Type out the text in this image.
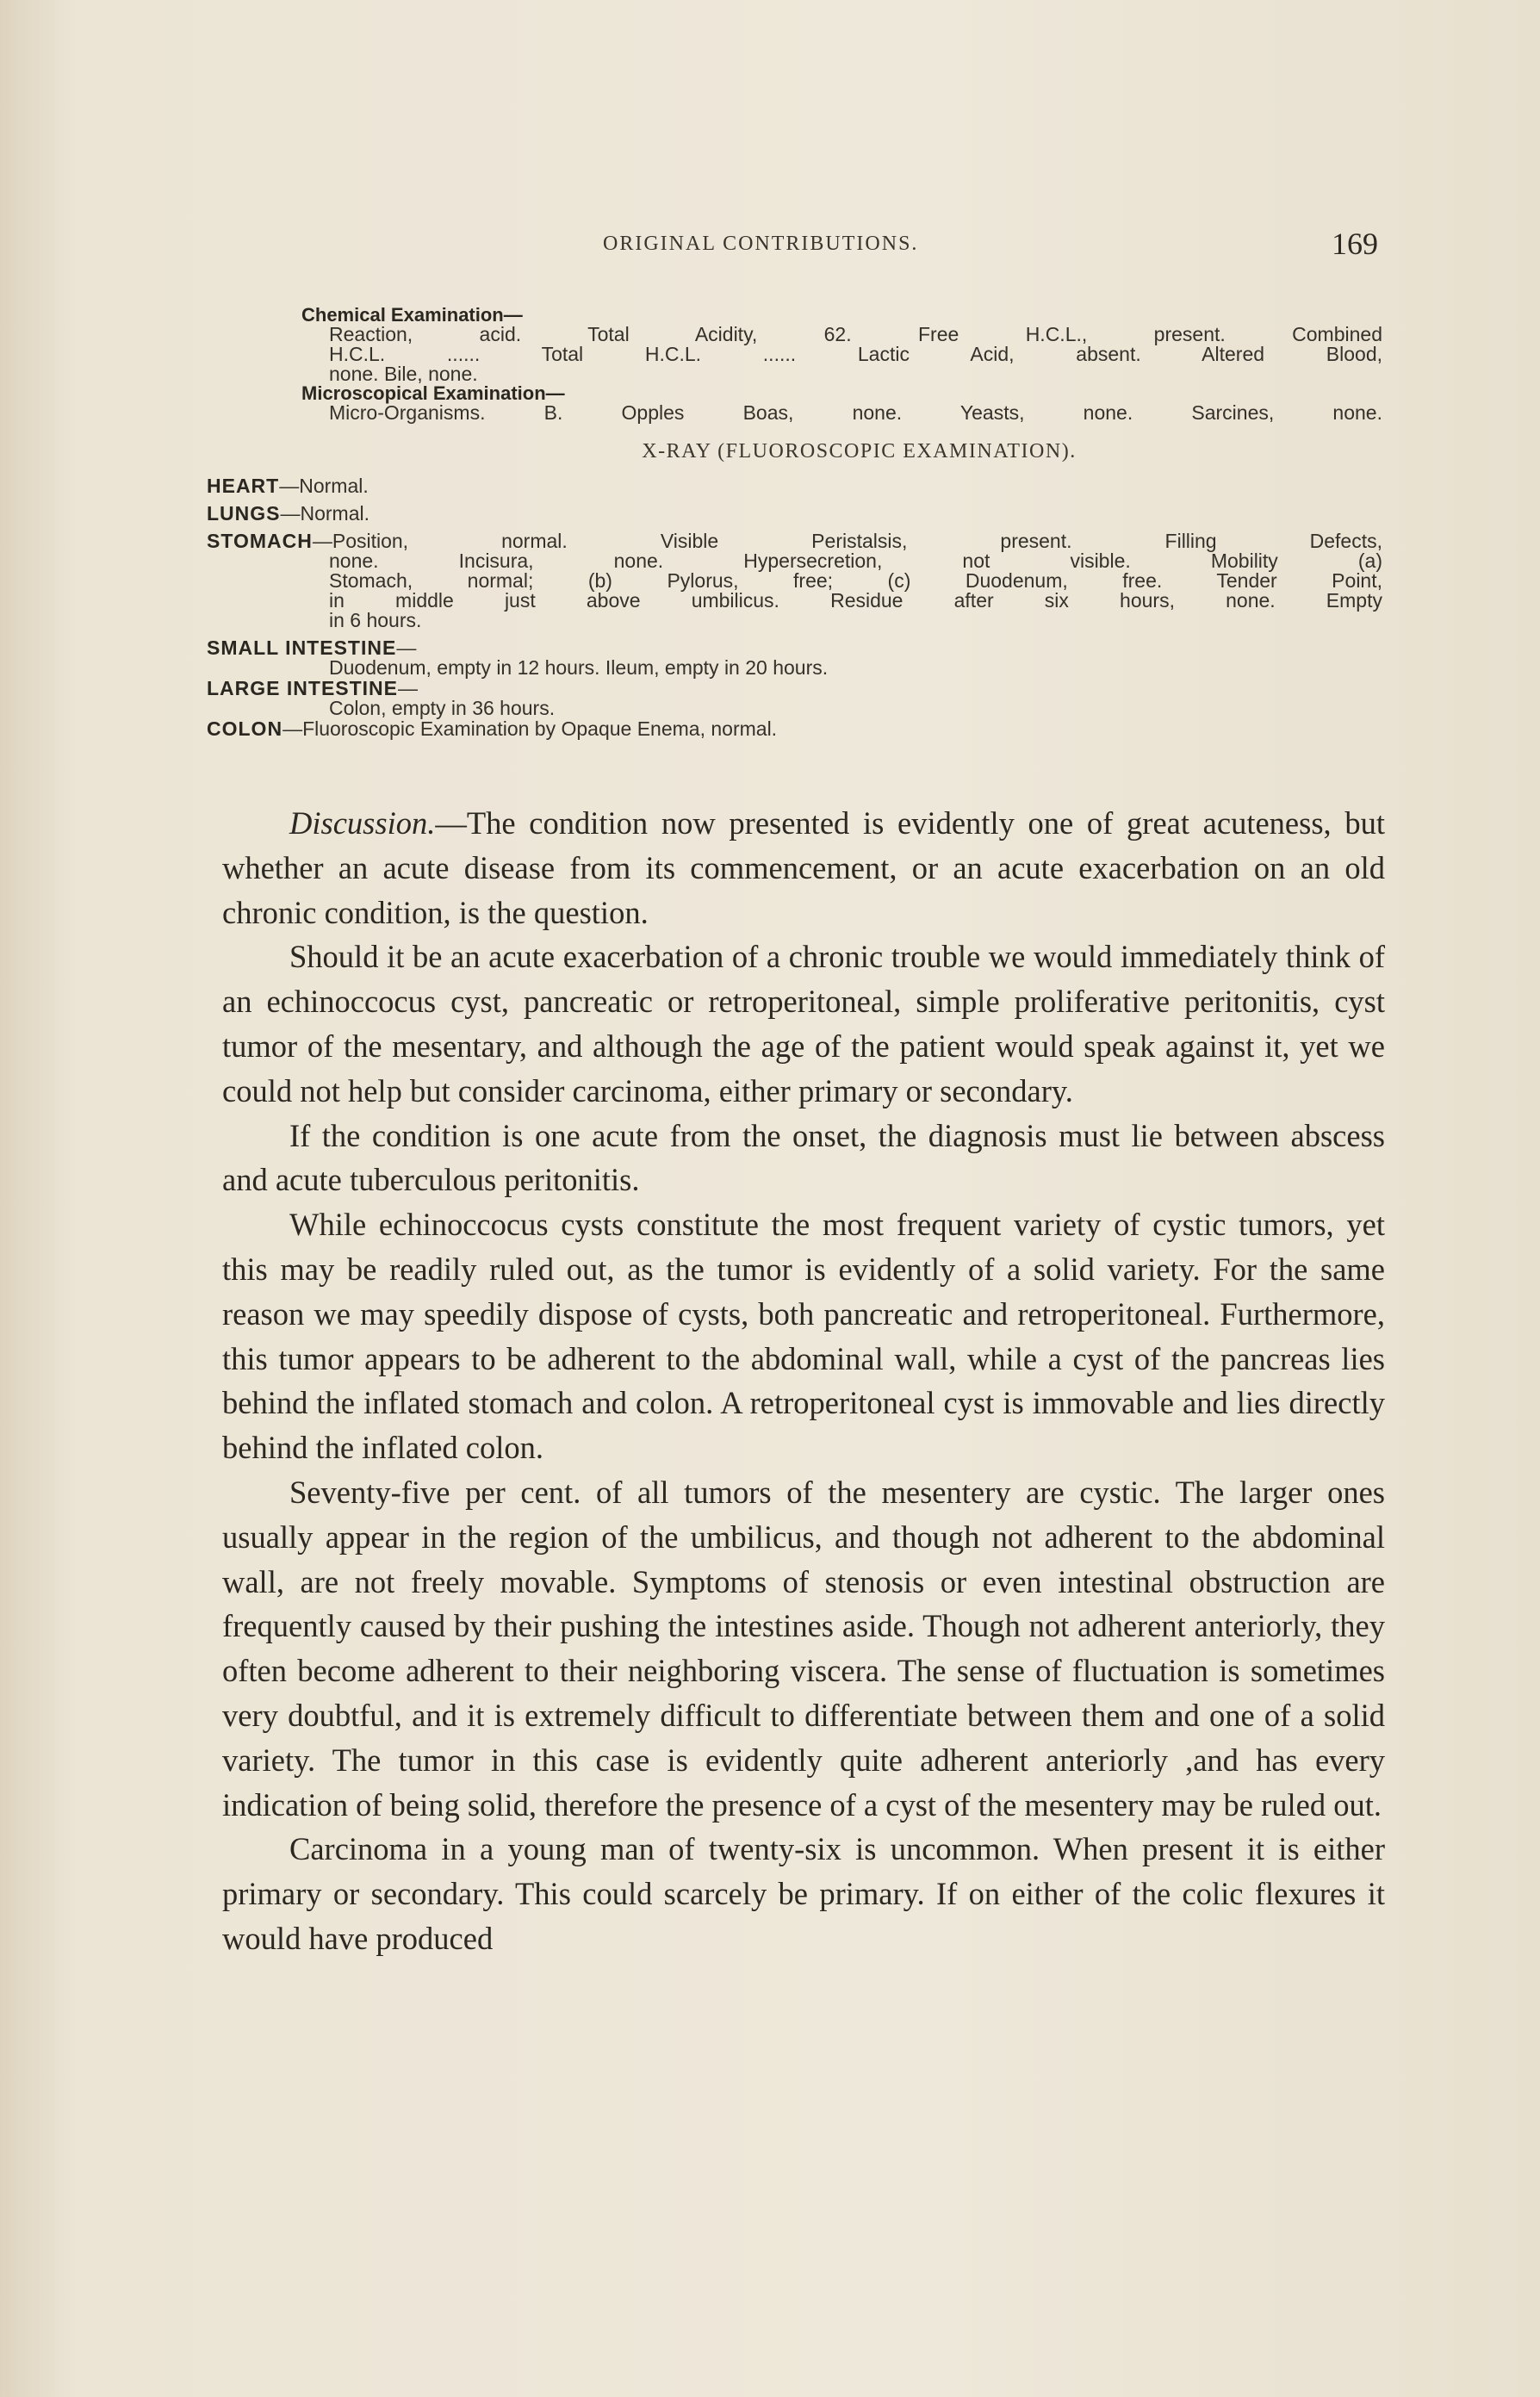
ORIGINAL CONTRIBUTIONS.	169
Chemical Examination—
Reaction, acid. Total Acidity, 62. Free H.C.L., present. Combined
H.C.L. ...... Total H.C.L. ...... Lactic Acid, absent. Altered Blood,
none. Bile, none.
Microscopical Examination—
Micro-Organisms. B. Opples Boas, none. Yeasts, none. Sarcines, none.
X-RAY (FLUOROSCOPIC EXAMINATION).
HEART—Normal.
LUNGS—Normal.
STOMACH—Position, normal. Visible Peristalsis, present. Filling Defects,
none. Incisura, none. Hypersecretion, not visible. Mobility (a)
Stomach, normal; (b) Pylorus, free; (c) Duodenum, free. Tender Point,
in middle just above umbilicus. Residue after six hours, none. Empty
in 6 hours.
SMALL INTESTINE—
Duodenum, empty in 12 hours. Ileum, empty in 20 hours.
LARGE INTESTINE—
Colon, empty in 36 hours.
COLON—Fluoroscopic Examination by Opaque Enema, normal.

Discussion.—The condition now presented is evidently one of great acuteness, but whether an acute disease from its commencement, or an acute exacerbation on an old chronic condition, is the question.

Should it be an acute exacerbation of a chronic trouble we would immediately think of an echinoccocus cyst, pancreatic or retroperitoneal, simple proliferative peritonitis, cyst tumor of the mesentary, and although the age of the patient would speak against it, yet we could not help but consider carcinoma, either primary or secondary.

If the condition is one acute from the onset, the diagnosis must lie between abscess and acute tuberculous peritonitis.

While echinoccocus cysts constitute the most frequent variety of cystic tumors, yet this may be readily ruled out, as the tumor is evidently of a solid variety. For the same reason we may speedily dispose of cysts, both pancreatic and retroperitoneal. Furthermore, this tumor appears to be adherent to the abdominal wall, while a cyst of the pancreas lies behind the inflated stomach and colon. A retroperitoneal cyst is immovable and lies directly behind the inflated colon.

Seventy-five per cent. of all tumors of the mesentery are cystic. The larger ones usually appear in the region of the umbilicus, and though not adherent to the abdominal wall, are not freely movable. Symptoms of stenosis or even intestinal obstruction are frequently caused by their pushing the intestines aside. Though not adherent anteriorly, they often become adherent to their neighboring viscera. The sense of fluctuation is sometimes very doubtful, and it is extremely difficult to differentiate between them and one of a solid variety. The tumor in this case is evidently quite adherent anteriorly ,and has every indication of being solid, therefore the presence of a cyst of the mesentery may be ruled out.

Carcinoma in a young man of twenty-six is uncommon. When present it is either primary or secondary. This could scarcely be primary. If on either of the colic flexures it would have produced
